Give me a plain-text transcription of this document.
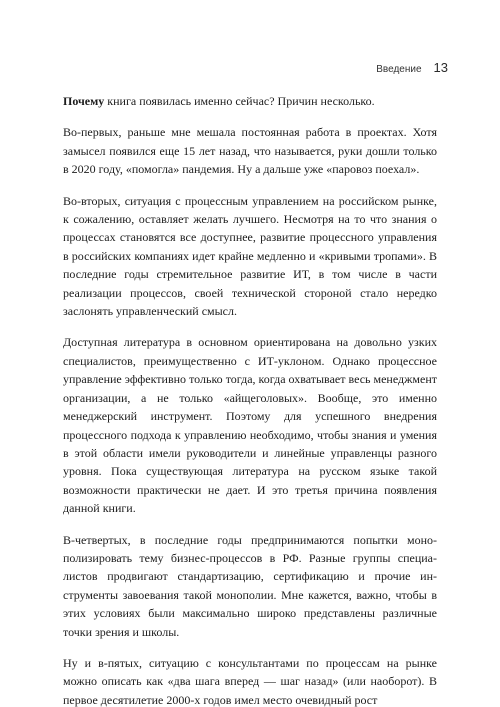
Введение 13

Почему книга появилась именно сейчас? Причин несколько.

Во-первых, раньше мне мешала постоянная работа в проектах. Хотя замысел появился еще 15 лет назад, что называется, руки дошли только в 2020 году, «помогла» пандемия. Ну а дальше уже «паровоз поехал».

Во-вторых, ситуация с процессным управлением на российском рынке, к сожалению, оставляет желать лучшего. Несмотря на то что знания о процессах становятся все доступнее, развитие процессного управления в российских компаниях идет крайне медленно и «кривыми тропами». В последние годы стремительное развитие ИТ, в том числе в части реализации процессов, своей технической стороной стало нередко заслонять управленческий смысл.

Доступная литература в основном ориентирована на довольно узких специалистов, преимущественно с ИТ-уклоном. Однако процессное управление эффективно только тогда, когда охватывает весь менеджмент организации, а не только «айщеголовых». Вообще, это именно менеджерский инструмент. Поэтому для успешного внедрения процессного подхода к управлению необходимо, чтобы знания и умения в этой области имели руководители и линейные управленцы разного уровня. Пока существующая литература на русском языке такой возможности практически не дает. И это третья причина появления данной книги.

В-четвертых, в последние годы предпринимаются попытки монополизировать тему бизнес-процессов в РФ. Разные группы специалистов продвигают стандартизацию, сертификацию и прочие инструменты завоевания такой монополии. Мне кажется, важно, чтобы в этих условиях были максимально широко представлены различные точки зрения и школы.

Ну и в-пятых, ситуацию с консультантами по процессам на рынке можно описать как «два шага вперед — шаг назад» (или наоборот). В первое десятилетие 2000-х годов имел место очевидный рост
